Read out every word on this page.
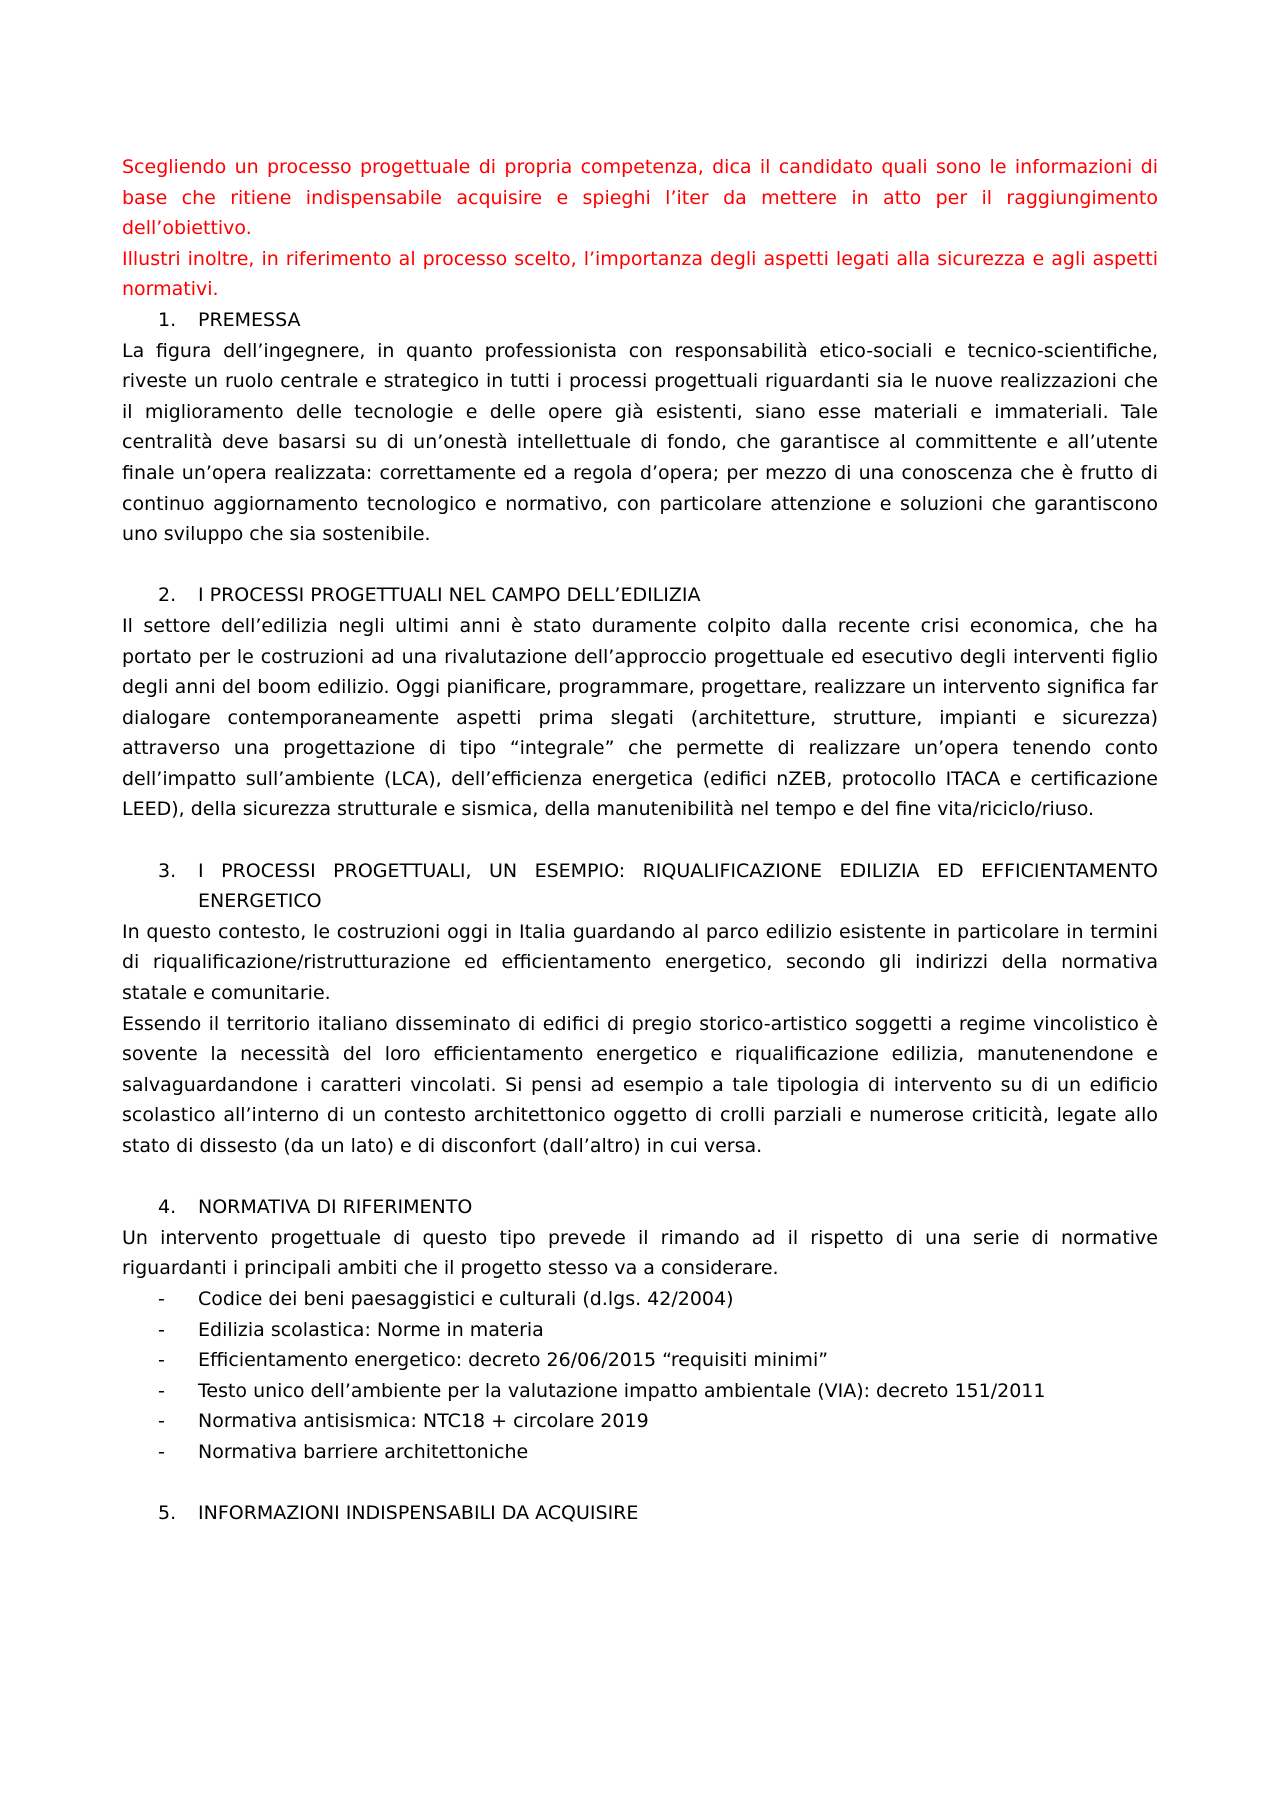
Scegliendo un processo progettuale di propria competenza, dica il candidato quali sono le informazioni di base che ritiene indispensabile acquisire e spieghi l’iter da mettere in atto per il raggiungimento dell’obiettivo.

Illustri inoltre, in riferimento al processo scelto, l’importanza degli aspetti legati alla sicurezza e agli aspetti normativi.

1.	PREMESSA

La figura dell’ingegnere, in quanto professionista con responsabilità etico-sociali e tecnico-scientifiche, riveste un ruolo centrale e strategico in tutti i processi progettuali riguardanti sia le nuove realizzazioni che il miglioramento delle tecnologie e delle opere già esistenti, siano esse materiali e immateriali. Tale centralità deve basarsi su di un’onestà intellettuale di fondo, che garantisce al committente e all’utente finale un’opera realizzata: correttamente ed a regola d’opera; per mezzo di una conoscenza che è frutto di continuo aggiornamento tecnologico e normativo, con particolare attenzione e soluzioni che garantiscono uno sviluppo che sia sostenibile.

2.	I PROCESSI PROGETTUALI NEL CAMPO DELL’EDILIZIA

Il settore dell’edilizia negli ultimi anni è stato duramente colpito dalla recente crisi economica, che ha portato per le costruzioni ad una rivalutazione dell’approccio progettuale ed esecutivo degli interventi figlio degli anni del boom edilizio. Oggi pianificare, programmare, progettare, realizzare un intervento significa far dialogare contemporaneamente aspetti prima slegati (architetture, strutture, impianti e sicurezza) attraverso una progettazione di tipo “integrale” che permette di realizzare un’opera tenendo conto dell’impatto sull’ambiente (LCA), dell’efficienza energetica (edifici nZEB, protocollo ITACA e certificazione LEED), della sicurezza strutturale e sismica, della manutenibilità nel tempo e del fine vita/riciclo/riuso.

3.	I PROCESSI PROGETTUALI, UN ESEMPIO: RIQUALIFICAZIONE EDILIZIA ED EFFICIENTAMENTO ENERGETICO

In questo contesto, le costruzioni oggi in Italia guardando al parco edilizio esistente in particolare in termini di riqualificazione/ristrutturazione ed efficientamento energetico, secondo gli indirizzi della normativa statale e comunitarie.

Essendo il territorio italiano disseminato di edifici di pregio storico-artistico soggetti a regime vincolistico è sovente la necessità del loro efficientamento energetico e riqualificazione edilizia, manutenendone e salvaguardandone i caratteri vincolati. Si pensi ad esempio a tale tipologia di intervento su di un edificio scolastico all’interno di un contesto architettonico oggetto di crolli parziali e numerose criticità, legate allo stato di dissesto (da un lato) e di disconfort (dall’altro) in cui versa.

4.	NORMATIVA DI RIFERIMENTO

Un intervento progettuale di questo tipo prevede il rimando ad il rispetto di una serie di normative riguardanti i principali ambiti che il progetto stesso va a considerare.

-	Codice dei beni paesaggistici e culturali (d.lgs. 42/2004)
-	Edilizia scolastica: Norme in materia
-	Efficientamento energetico: decreto 26/06/2015 “requisiti minimi”
-	Testo unico dell’ambiente per la valutazione impatto ambientale (VIA): decreto 151/2011
-	Normativa antisismica: NTC18 + circolare 2019
-	Normativa barriere architettoniche
5.	INFORMAZIONI INDISPENSABILI DA ACQUISIRE
